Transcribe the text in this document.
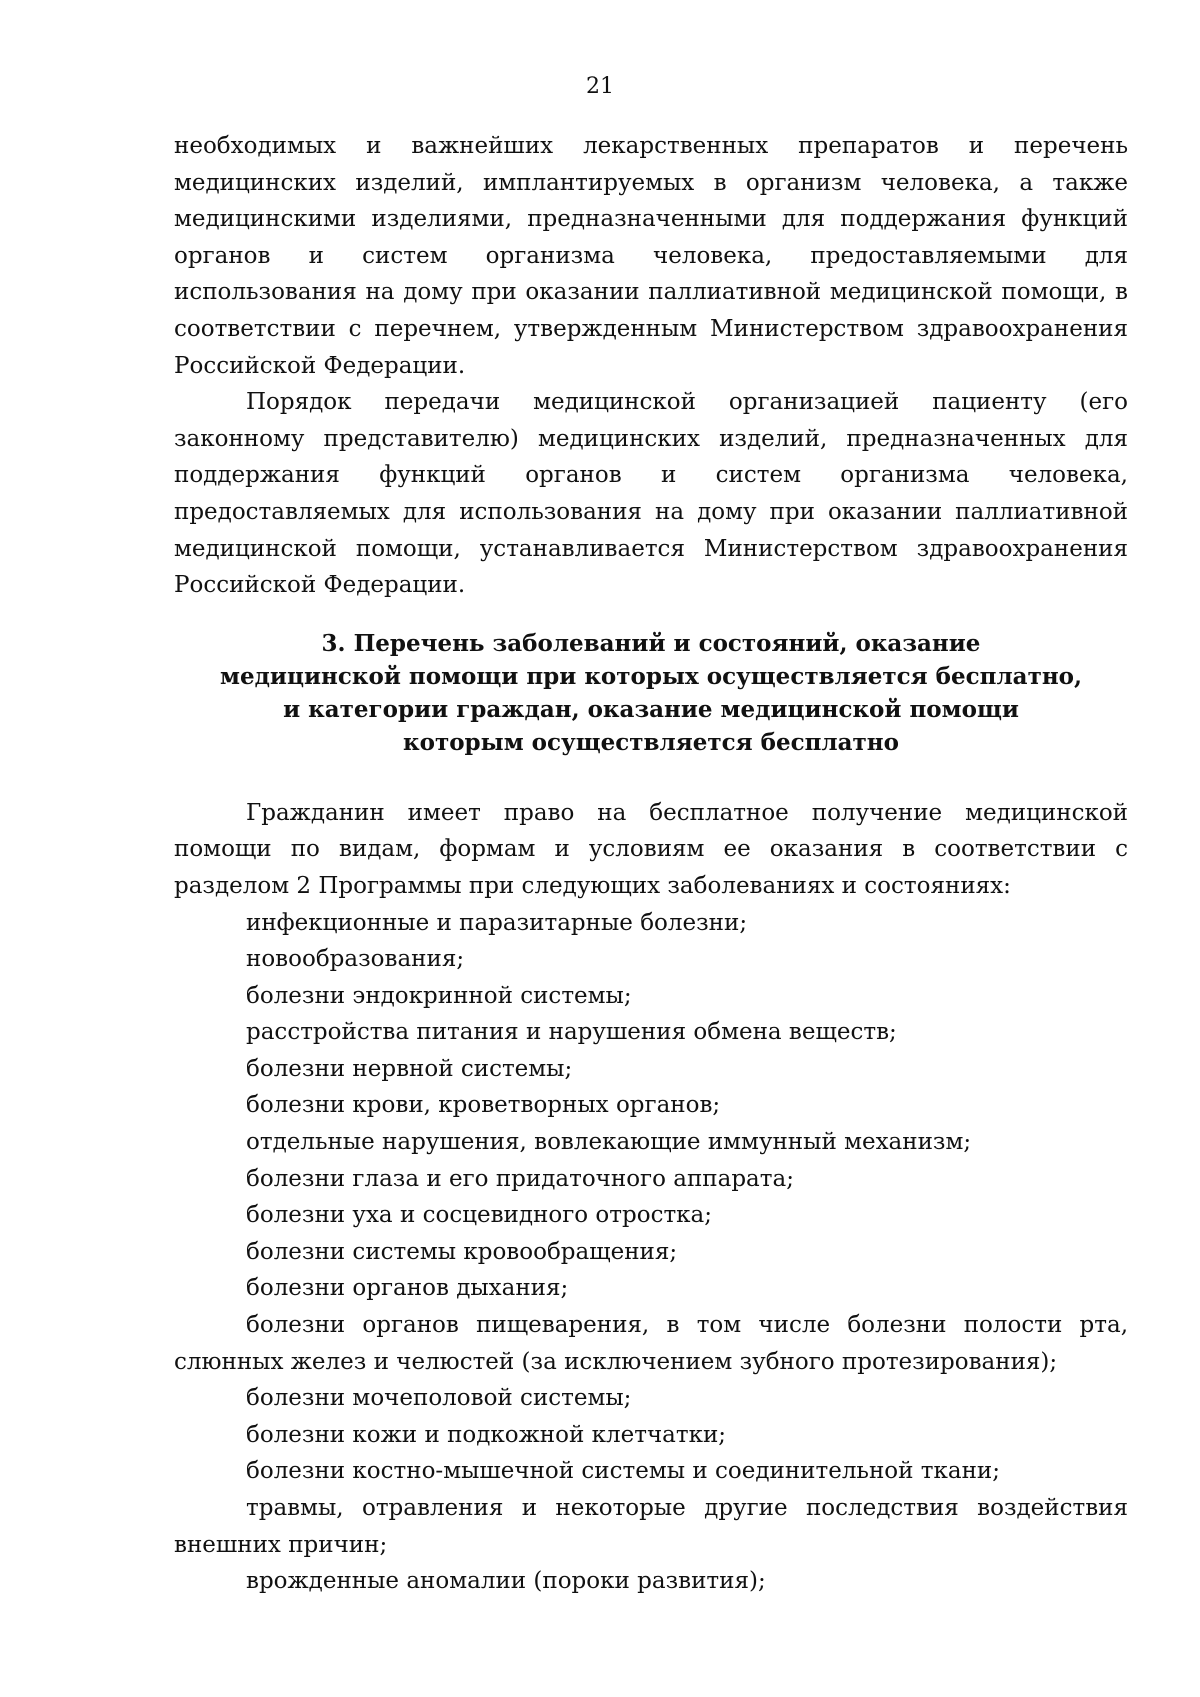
21

необходимых и важнейших лекарственных препаратов и перечень медицинских изделий, имплантируемых в организм человека, а также медицинскими изделиями, предназначенными для поддержания функций органов и систем организма человека, предоставляемыми для использования на дому при оказании паллиативной медицинской помощи, в соответствии с перечнем, утвержденным Министерством здравоохранения Российской Федерации.

Порядок передачи медицинской организацией пациенту (его законному представителю) медицинских изделий, предназначенных для поддержания функций органов и систем организма человека, предоставляемых для использования на дому при оказании паллиативной медицинской помощи, устанавливается Министерством здравоохранения Российской Федерации.

3. Перечень заболеваний и состояний, оказание
медицинской помощи при которых осуществляется бесплатно,
и категории граждан, оказание медицинской помощи
которым осуществляется бесплатно

Гражданин имеет право на бесплатное получение медицинской помощи по видам, формам и условиям ее оказания в соответствии с разделом 2 Программы при следующих заболеваниях и состояниях:

инфекционные и паразитарные болезни;
новообразования;
болезни эндокринной системы;
расстройства питания и нарушения обмена веществ;
болезни нервной системы;
болезни крови, кроветворных органов;
отдельные нарушения, вовлекающие иммунный механизм;
болезни глаза и его придаточного аппарата;
болезни уха и сосцевидного отростка;
болезни системы кровообращения;
болезни органов дыхания;
болезни органов пищеварения, в том числе болезни полости рта, слюнных желез и челюстей (за исключением зубного протезирования);
болезни мочеполовой системы;
болезни кожи и подкожной клетчатки;
болезни костно-мышечной системы и соединительной ткани;
травмы, отравления и некоторые другие последствия воздействия внешних причин;
врожденные аномалии (пороки развития);
